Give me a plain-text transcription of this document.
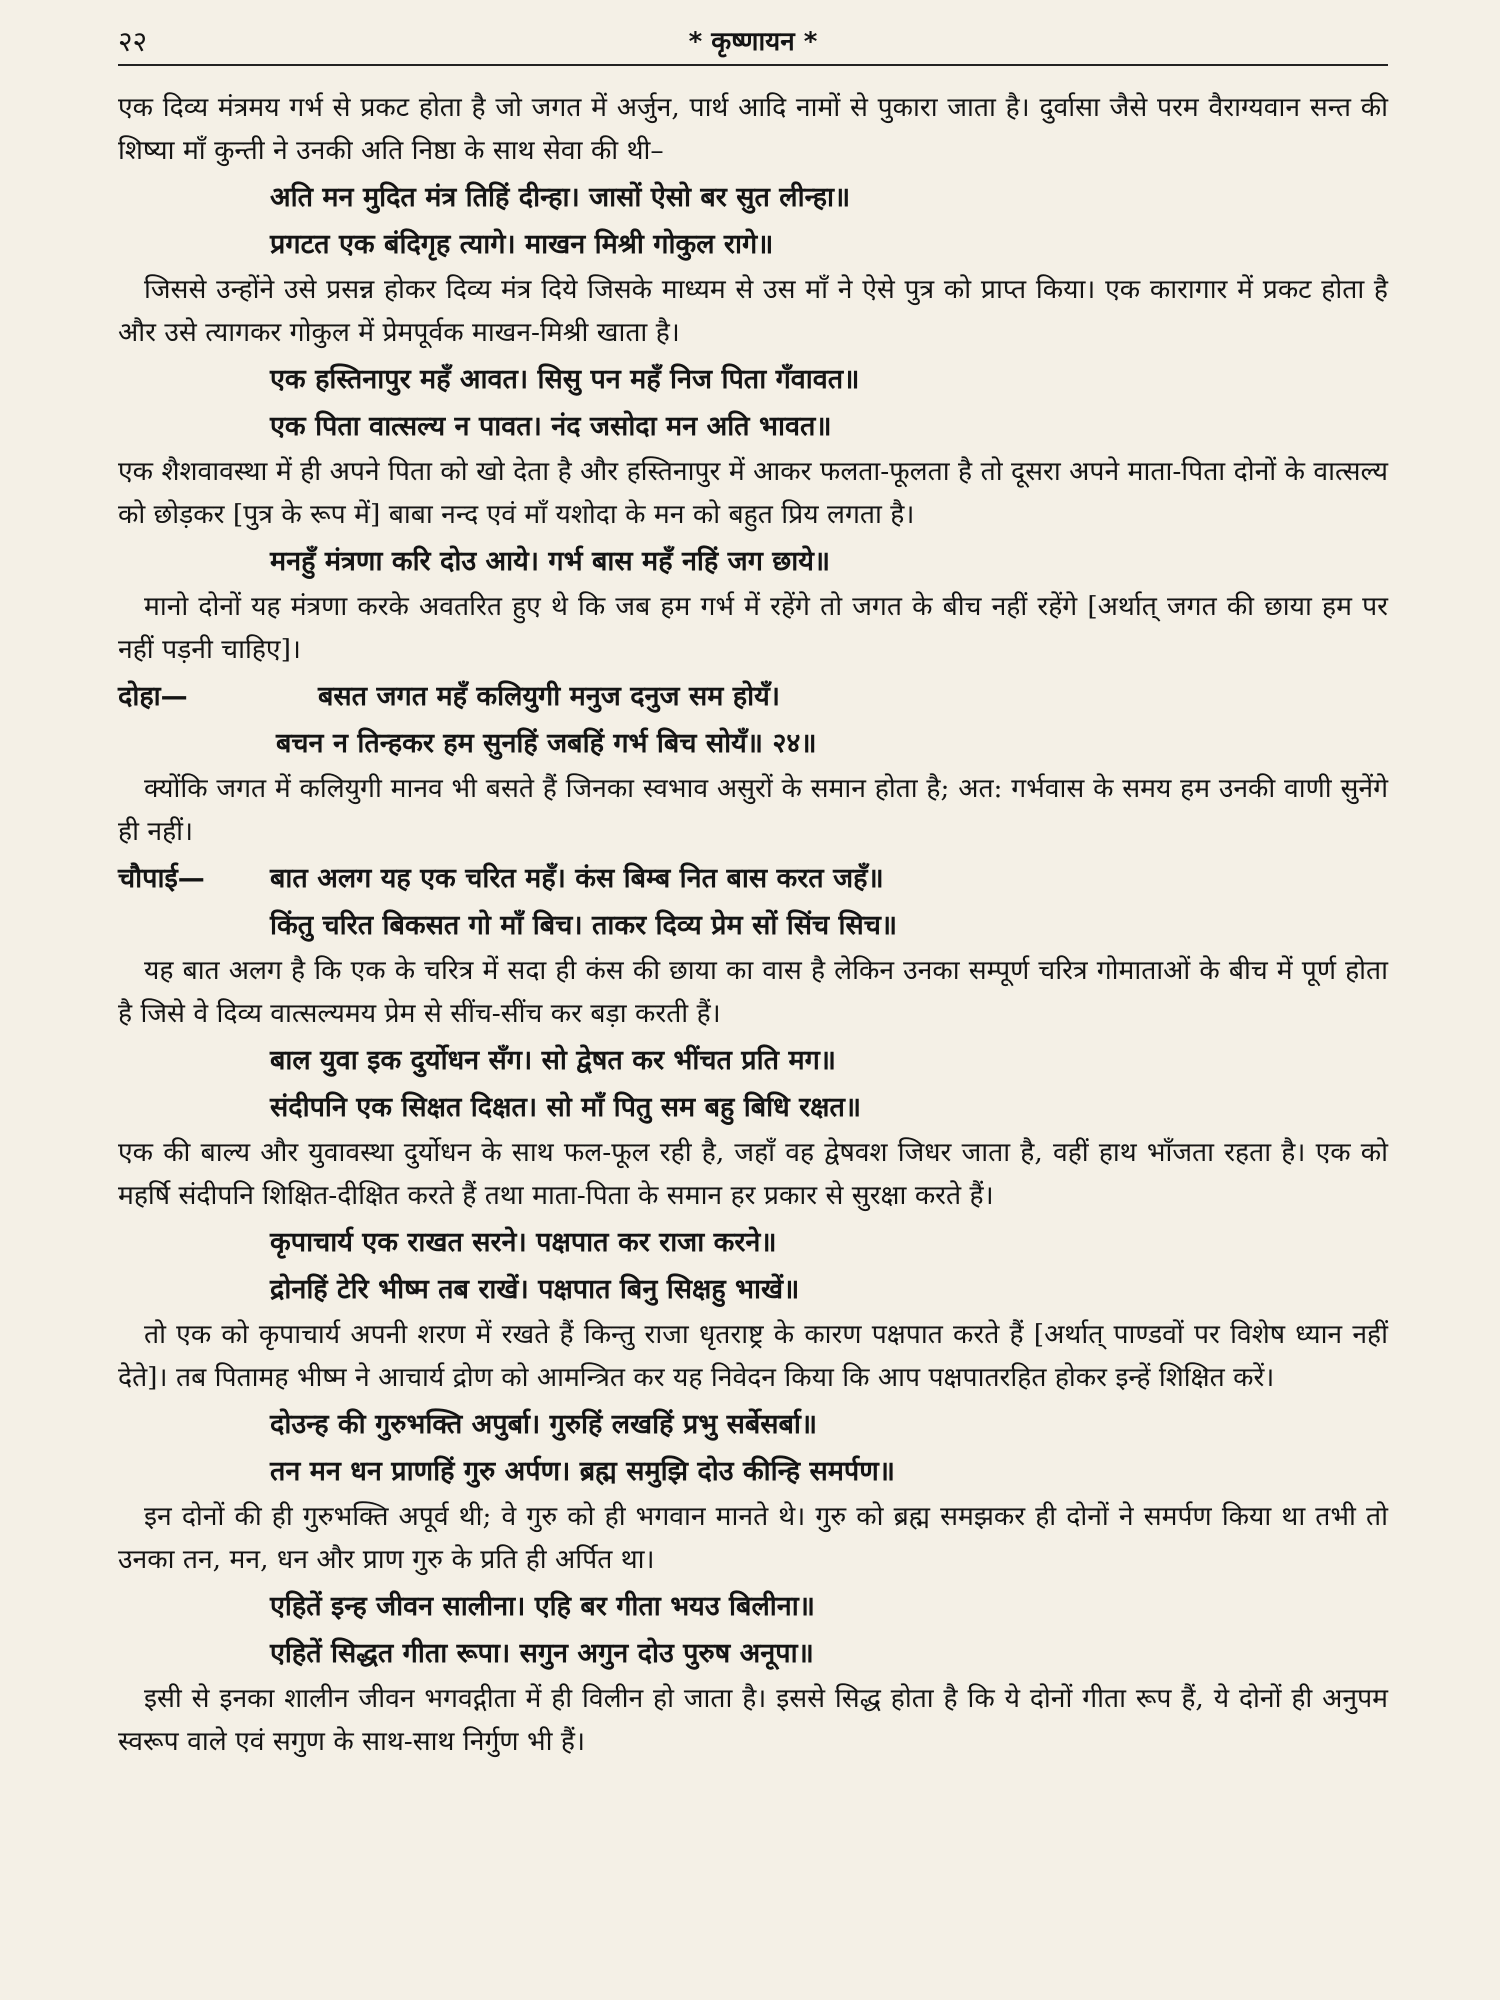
२२	* कृष्णायन *

एक दिव्य मंत्रमय गर्भ से प्रकट होता है जो जगत में अर्जुन, पार्थ आदि नामों से पुकारा जाता है। दुर्वासा जैसे परम वैराग्यवान सन्त की शिष्या माँ कुन्ती ने उनकी अति निष्ठा के साथ सेवा की थी–

अति मन मुदित मंत्र तिहिं दीन्हा। जासों ऐसो बर सुत लीन्हा॥
प्रगटत एक बंदिगृह त्यागे। माखन मिश्री गोकुल रागे॥

जिससे उन्होंने उसे प्रसन्न होकर दिव्य मंत्र दिये जिसके माध्यम से उस माँ ने ऐसे पुत्र को प्राप्त किया। एक कारागार में प्रकट होता है और उसे त्यागकर गोकुल में प्रेमपूर्वक माखन-मिश्री खाता है।

एक हस्तिनापुर महँ आवत। सिसु पन महँ निज पिता गँवावत॥
एक पिता वात्सल्य न पावत। नंद जसोदा मन अति भावत॥

एक शैशवावस्था में ही अपने पिता को खो देता है और हस्तिनापुर में आकर फलता-फूलता है तो दूसरा अपने माता-पिता दोनों के वात्सल्य को छोड़कर [पुत्र के रूप में] बाबा नन्द एवं माँ यशोदा के मन को बहुत प्रिय लगता है।

मनहुँ मंत्रणा करि दोउ आये। गर्भ बास महँ नहिं जग छाये॥

मानो दोनों यह मंत्रणा करके अवतरित हुए थे कि जब हम गर्भ में रहेंगे तो जगत के बीच नहीं रहेंगे [अर्थात् जगत की छाया हम पर नहीं पड़नी चाहिए]।

दोहा—	बसत जगत महँ कलियुगी मनुज दनुज सम होयँ।
बचन न तिन्हकर हम सुनहिं जबहिं गर्भ बिच सोयँ॥ २४॥

क्योंकि जगत में कलियुगी मानव भी बसते हैं जिनका स्वभाव असुरों के समान होता है; अत: गर्भवास के समय हम उनकी वाणी सुनेंगे ही नहीं।

चौपाई—	बात अलग यह एक चरित महँ। कंस बिम्ब नित बास करत जहँ॥
किंतु चरित बिकसत गो माँ बिच। ताकर दिव्य प्रेम सों सिंच सिच॥

यह बात अलग है कि एक के चरित्र में सदा ही कंस की छाया का वास है लेकिन उनका सम्पूर्ण चरित्र गोमाताओं के बीच में पूर्ण होता है जिसे वे दिव्य वात्सल्यमय प्रेम से सींच-सींच कर बड़ा करती हैं।

बाल युवा इक दुर्योधन सँग। सो द्वेषत कर भींचत प्रति मग॥
संदीपनि एक सिक्षत दिक्षत। सो माँ पितु सम बहु बिधि रक्षत॥

एक की बाल्य और युवावस्था दुर्योधन के साथ फल-फूल रही है, जहाँ वह द्वेषवश जिधर जाता है, वहीं हाथ भाँजता रहता है। एक को महर्षि संदीपनि शिक्षित-दीक्षित करते हैं तथा माता-पिता के समान हर प्रकार से सुरक्षा करते हैं।

कृपाचार्य एक राखत सरने। पक्षपात कर राजा करने॥
द्रोनहिं टेरि भीष्म तब राखें। पक्षपात बिनु सिक्षहु भाखें॥

तो एक को कृपाचार्य अपनी शरण में रखते हैं किन्तु राजा धृतराष्ट्र के कारण पक्षपात करते हैं [अर्थात् पाण्डवों पर विशेष ध्यान नहीं देते]। तब पितामह भीष्म ने आचार्य द्रोण को आमन्त्रित कर यह निवेदन किया कि आप पक्षपातरहित होकर इन्हें शिक्षित करें।

दोउन्ह की गुरुभक्ति अपुर्बा। गुरुहिं लखहिं प्रभु सर्बेसर्बा॥
तन मन धन प्राणहिं गुरु अर्पण। ब्रह्म समुझि दोउ कीन्हि समर्पण॥

इन दोनों की ही गुरुभक्ति अपूर्व थी; वे गुरु को ही भगवान मानते थे। गुरु को ब्रह्म समझकर ही दोनों ने समर्पण किया था तभी तो उनका तन, मन, धन और प्राण गुरु के प्रति ही अर्पित था।

एहितें इन्ह जीवन सालीना। एहि बर गीता भयउ बिलीना॥
एहितें सिद्धत गीता रूपा। सगुन अगुन दोउ पुरुष अनूपा॥

इसी से इनका शालीन जीवन भगवद्गीता में ही विलीन हो जाता है। इससे सिद्ध होता है कि ये दोनों गीता रूप हैं, ये दोनों ही अनुपम स्वरूप वाले एवं सगुण के साथ-साथ निर्गुण भी हैं।
